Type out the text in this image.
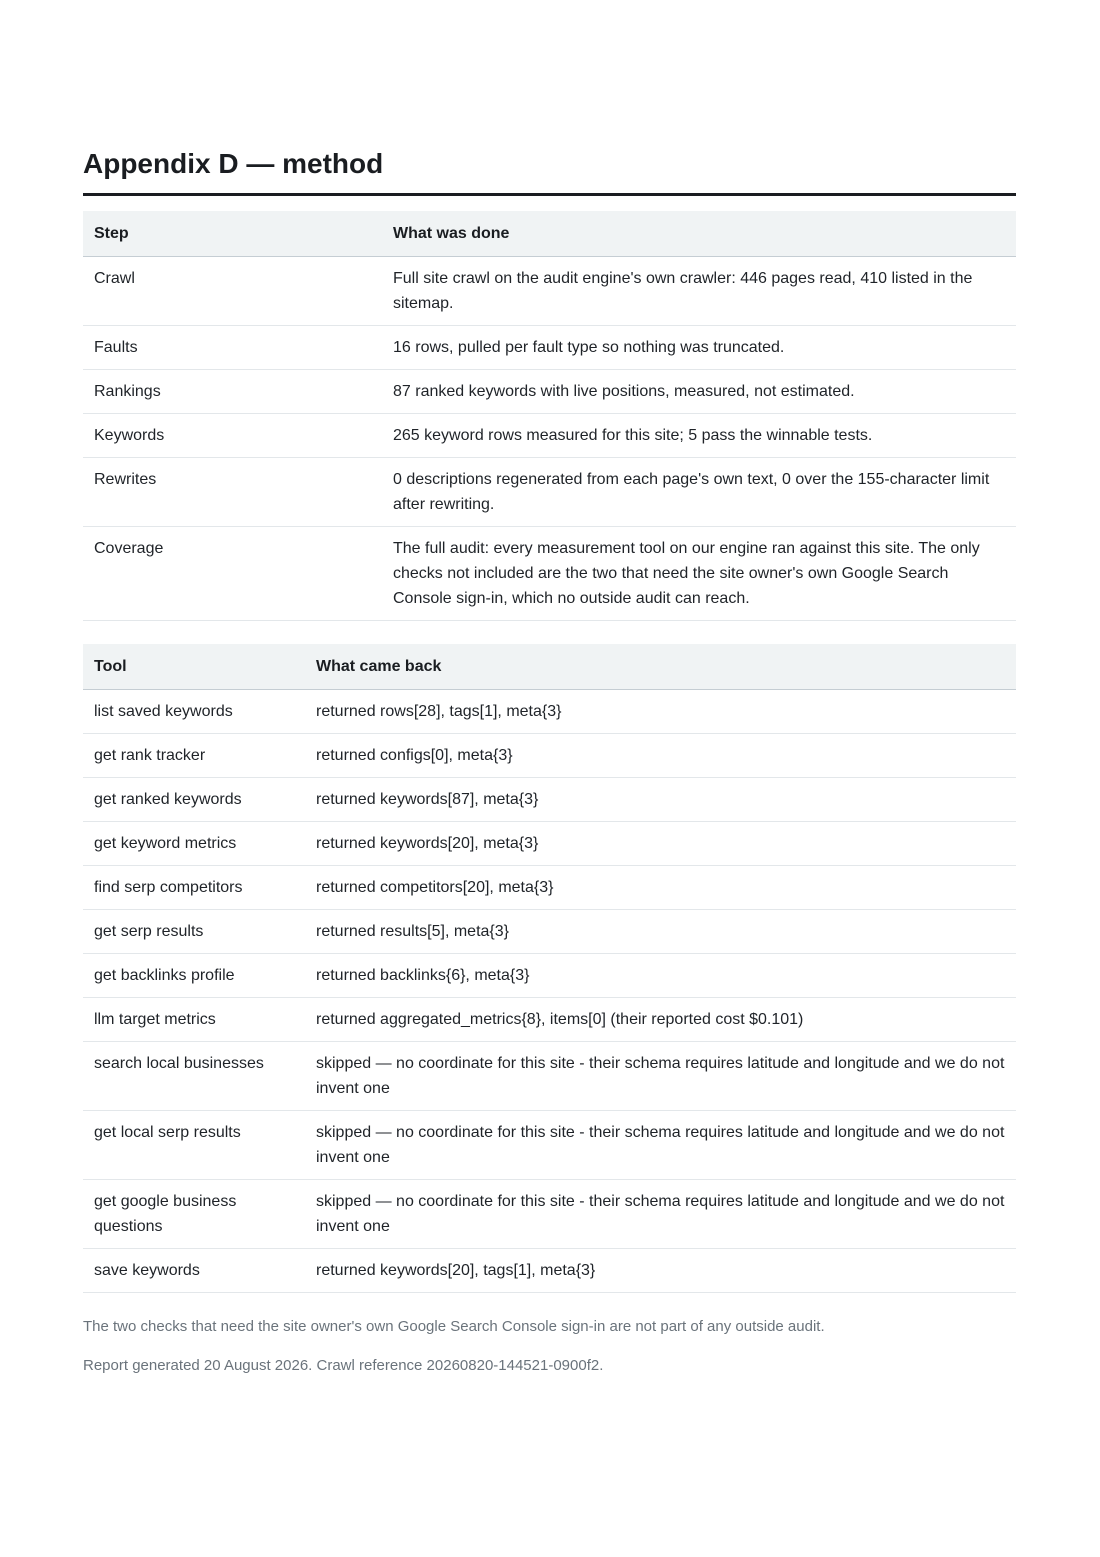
Appendix D — method
Step	What was done
Crawl	Full site crawl on the audit engine's own crawler: 446 pages read, 410 listed in the sitemap.
Faults	16 rows, pulled per fault type so nothing was truncated.
Rankings	87 ranked keywords with live positions, measured, not estimated.
Keywords	265 keyword rows measured for this site; 5 pass the winnable tests.
Rewrites	0 descriptions regenerated from each page's own text, 0 over the 155-character limit after rewriting.
Coverage	The full audit: every measurement tool on our engine ran against this site. The only checks not included are the two that need the site owner's own Google Search Console sign-in, which no outside audit can reach.
Tool	What came back
list saved keywords	returned rows[28], tags[1], meta{3}
get rank tracker	returned configs[0], meta{3}
get ranked keywords	returned keywords[87], meta{3}
get keyword metrics	returned keywords[20], meta{3}
find serp competitors	returned competitors[20], meta{3}
get serp results	returned results[5], meta{3}
get backlinks profile	returned backlinks{6}, meta{3}
llm target metrics	returned aggregated_metrics{8}, items[0] (their reported cost $0.101)
search local businesses	skipped — no coordinate for this site - their schema requires latitude and longitude and we do not invent one
get local serp results	skipped — no coordinate for this site - their schema requires latitude and longitude and we do not invent one
get google business questions	skipped — no coordinate for this site - their schema requires latitude and longitude and we do not invent one
save keywords	returned keywords[20], tags[1], meta{3}

The two checks that need the site owner's own Google Search Console sign-in are not part of any outside audit.

Report generated 20 August 2026. Crawl reference 20260820-144521-0900f2.
